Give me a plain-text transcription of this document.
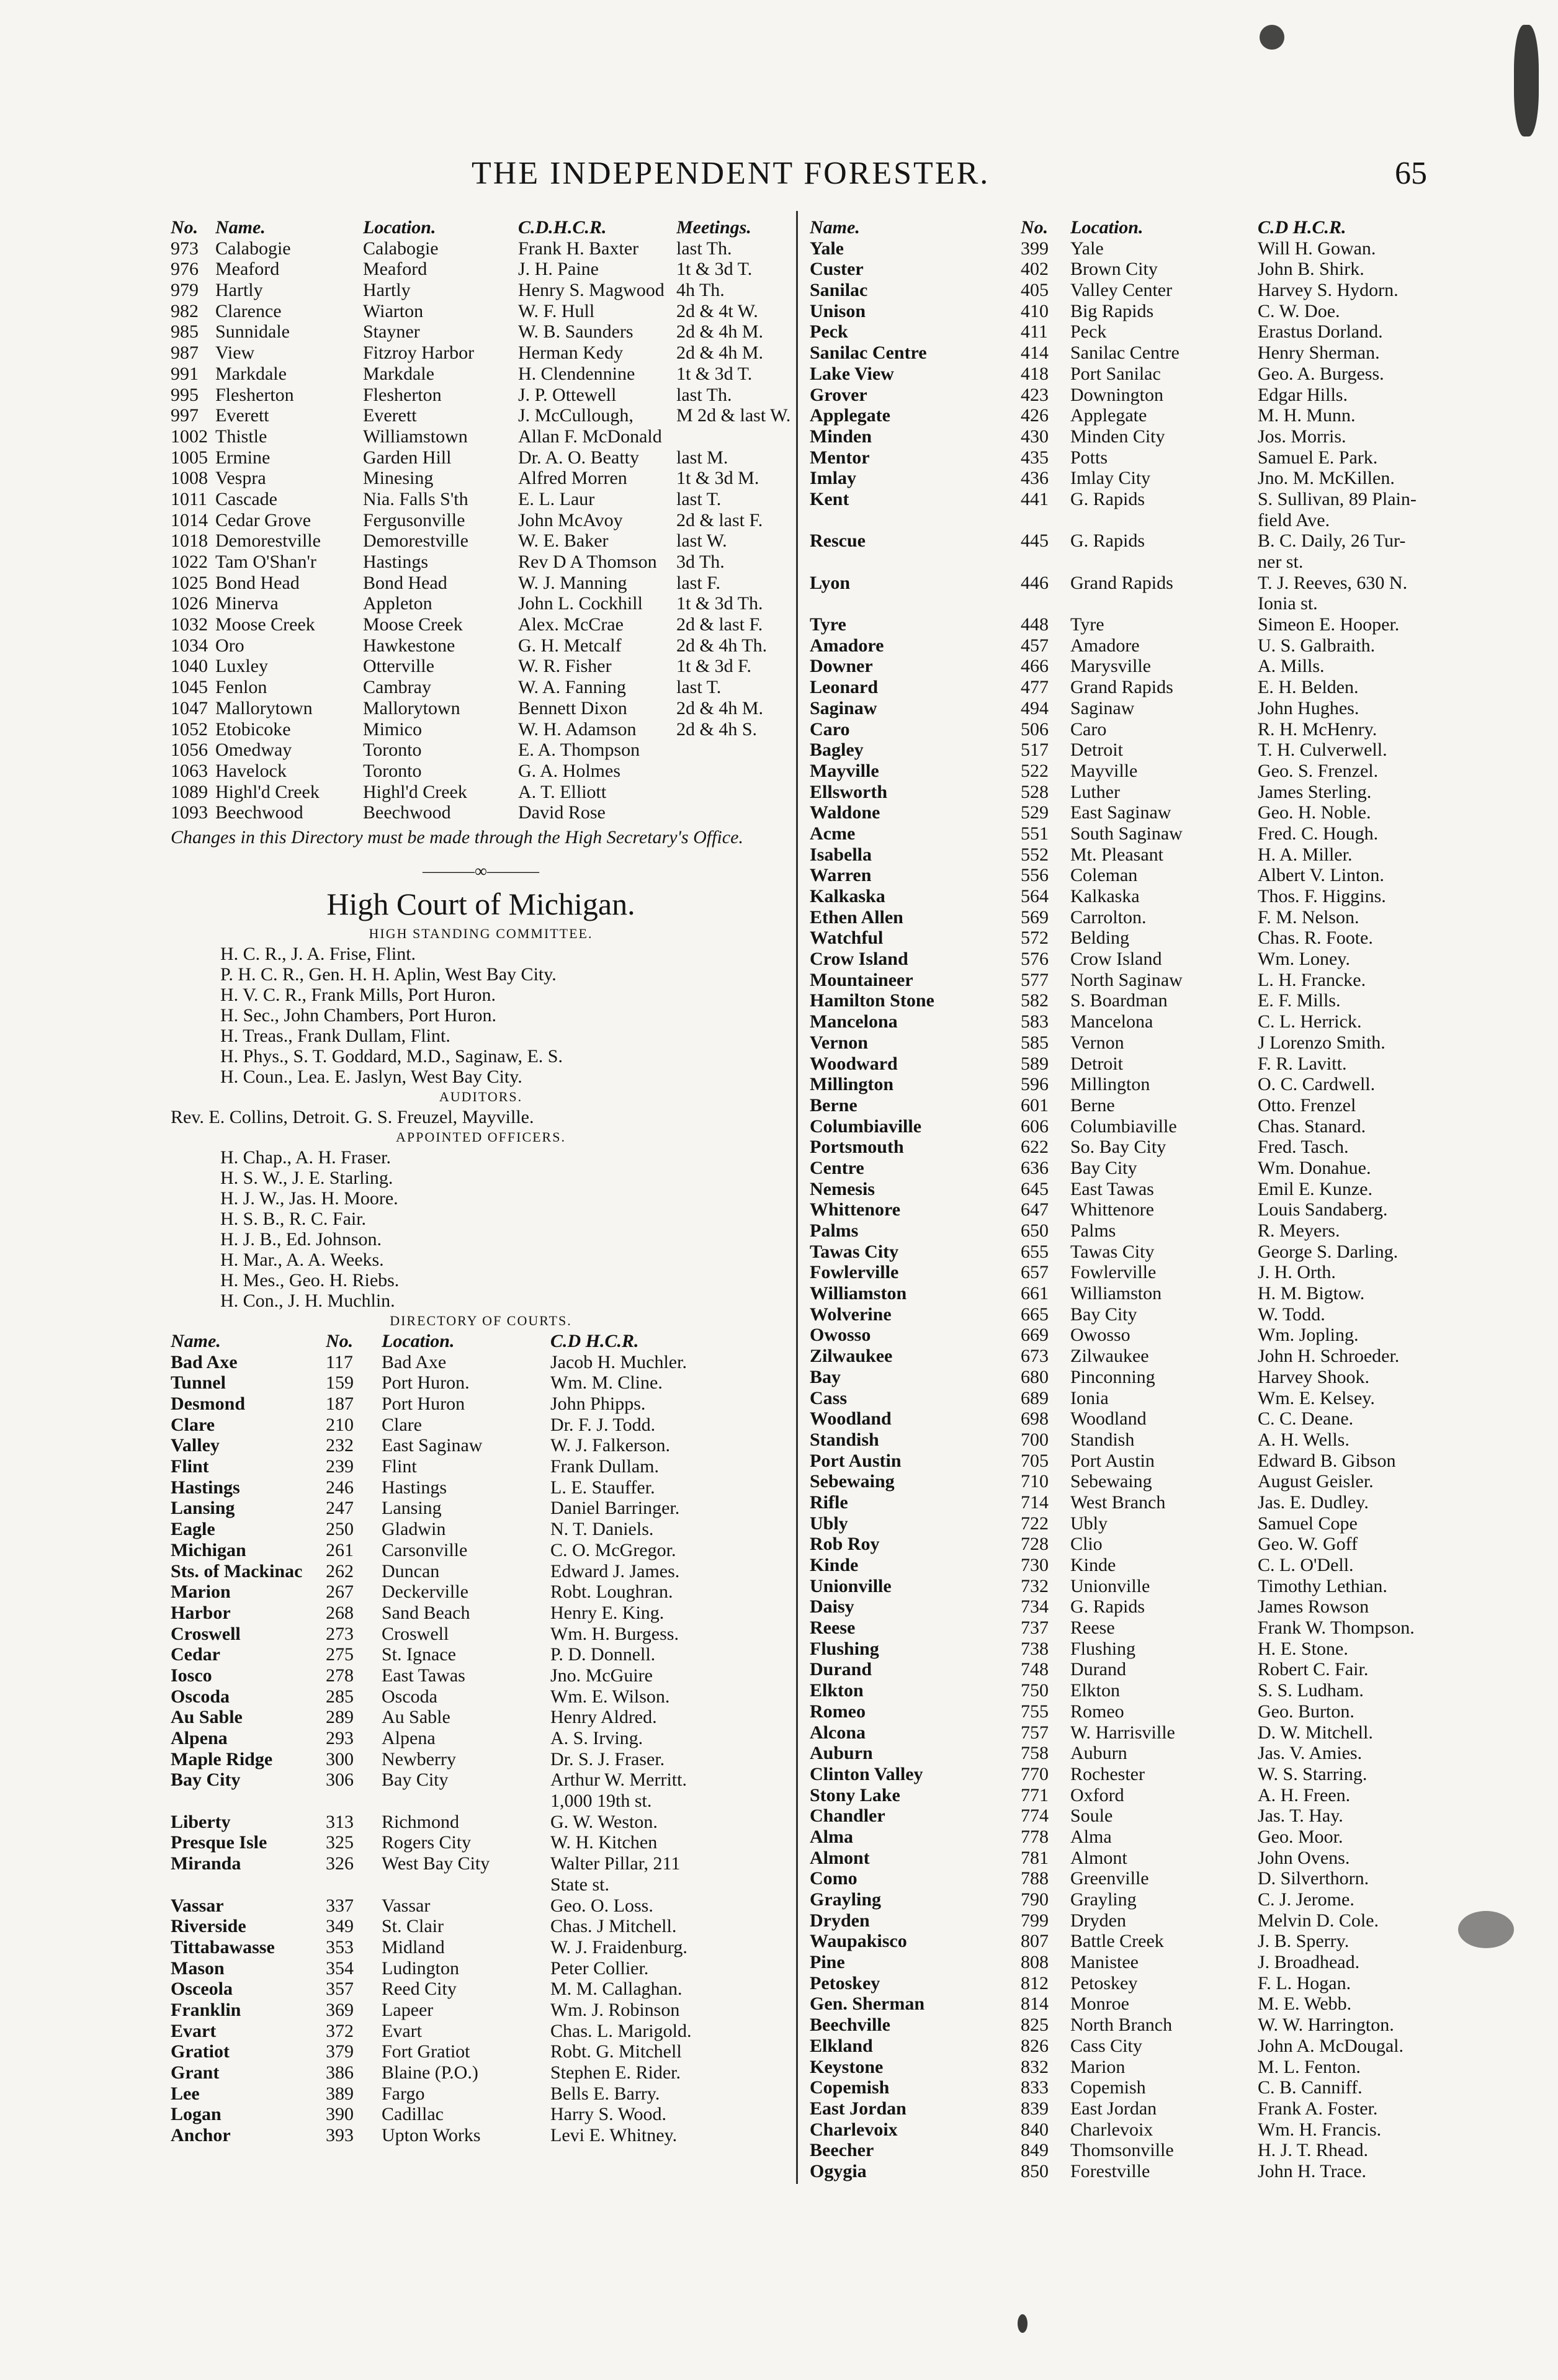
THE INDEPENDENT FORESTER.	65
No. Name.	Location.	C.D.H.C.R.	Meetings.
973 Calabogie	Calabogie	Frank H. Baxter	last Th.
976 Meaford	Meaford	J. H. Paine	1t & 3d T.
979 Hartly	Hartly	Henry S. Magwood 4h Th.
982 Clarence	Wiarton	W. F. Hull	2d & 4t W.
985 Sunnidale	Stayner	W. B. Saunders	2d & 4h M.
987 View	Fitzroy Harbor	Herman Kedy	2d & 4h M.
991 Markdale	Markdale	H. Clendennine	1t & 3d T.
995 Flesherton	Flesherton	J. P. Ottewell	last Th.
997 Everett	Everett	J. McCullough,	M 2d & last W.
1002 Thistle	Williamstown	Allan F. McDonald
1005 Ermine	Garden Hill	Dr. A. O. Beatty	last M.
1008 Vespra	Minesing	Alfred Morren	1t & 3d M.
1011 Cascade	Nia. Falls S'th	E. L. Laur	last T.
1014 Cedar Grove	Fergusonville	John McAvoy	2d & last F.
1018 Demorestville	Demorestville	W. E. Baker	last W.
1022 Tam O'Shan'r	Hastings	Rev D A Thomson	3d Th.
1025 Bond Head	Bond Head	W. J. Manning	last F.
1026 Minerva	Appleton	John L. Cockhill	1t & 3d Th.
1032 Moose Creek	Moose Creek	Alex. McCrae	2d & last F.
1034 Oro	Hawkestone	G. H. Metcalf	2d & 4h Th.
1040 Luxley	Otterville	W. R. Fisher	1t & 3d F.
1045 Fenlon	Cambray	W. A. Fanning	last T.
1047 Mallorytown	Mallorytown	Bennett Dixon	2d & 4h M.
1052 Etobicoke	Mimico	W. H. Adamson	2d & 4h S.
1056 Omedway	Toronto	E. A. Thompson
1063 Havelock	Toronto	G. A. Holmes
1089 Highl'd Creek	Highl'd Creek	A. T. Elliott
1093 Beechwood	Beechwood	David Rose
Changes in this Directory must be made through the High Secretary's Office.
———∞———
High Court of Michigan.
HIGH STANDING COMMITTEE.
H. C. R., J. A. Frise, Flint.
P. H. C. R., Gen. H. H. Aplin, West Bay City.
H. V. C. R., Frank Mills, Port Huron.
H. Sec., John Chambers, Port Huron.
H. Treas., Frank Dullam, Flint.
H. Phys., S. T. Goddard, M.D., Saginaw, E. S.
H. Coun., Lea. E. Jaslyn, West Bay City.
AUDITORS.
Rev. E. Collins, Detroit. G. S. Freuzel, Mayville.
APPOINTED OFFICERS.
H. Chap., A. H. Fraser.
H. S. W., J. E. Starling.
H. J. W., Jas. H. Moore.
H. S. B., R. C. Fair.
H. J. B., Ed. Johnson.
H. Mar., A. A. Weeks.
H. Mes., Geo. H. Riebs.
H. Con., J. H. Muchlin.
DIRECTORY OF COURTS.
Name.	No.	Location.	C.D H.C.R.
Bad Axe	117	Bad Axe	Jacob H. Muchler.
Tunnel	159	Port Huron.	Wm. M. Cline.
Desmond	187	Port Huron	John Phipps.
Clare	210	Clare	Dr. F. J. Todd.
Valley	232	East Saginaw	W. J. Falkerson.
Flint	239	Flint	Frank Dullam.
Hastings	246	Hastings	L. E. Stauffer.
Lansing	247	Lansing	Daniel Barringer.
Eagle	250	Gladwin	N. T. Daniels.
Michigan	261	Carsonville	C. O. McGregor.
Sts. of Mackinac	262	Duncan	Edward J. James.
Marion	267	Deckerville	Robt. Loughran.
Harbor	268	Sand Beach	Henry E. King.
Croswell	273	Croswell	Wm. H. Burgess.
Cedar	275	St. Ignace	P. D. Donnell.
Iosco	278	East Tawas	Jno. McGuire
Oscoda	285	Oscoda	Wm. E. Wilson.
Au Sable	289	Au Sable	Henry Aldred.
Alpena	293	Alpena	A. S. Irving.
Maple Ridge	300	Newberry	Dr. S. J. Fraser.
Bay City	306	Bay City	Arthur W. Merritt.
1,000 19th st.
Liberty	313	Richmond	G. W. Weston.
Presque Isle	325	Rogers City	W. H. Kitchen
Miranda	326	West Bay City	Walter Pillar, 211
State st.
Vassar	337	Vassar	Geo. O. Loss.
Riverside	349	St. Clair	Chas. J Mitchell.
Tittabawasse	353	Midland	W. J. Fraidenburg.
Mason	354	Ludington	Peter Collier.
Osceola	357	Reed City	M. M. Callaghan.
Franklin	369	Lapeer	Wm. J. Robinson
Evart	372	Evart	Chas. L. Marigold.
Gratiot	379	Fort Gratiot	Robt. G. Mitchell
Grant	386	Blaine (P.O.)	Stephen E. Rider.
Lee	389	Fargo	Bells E. Barry.
Logan	390	Cadillac	Harry S. Wood.
Anchor	393	Upton Works	Levi E. Whitney.
Name.	No.	Location.	C.D H.C.R.
Yale	399	Yale	Will H. Gowan.
Custer	402	Brown City	John B. Shirk.
Sanilac	405	Valley Center	Harvey S. Hydorn.
Unison	410	Big Rapids	C. W. Doe.
Peck	411	Peck	Erastus Dorland.
Sanilac Centre	414	Sanilac Centre	Henry Sherman.
Lake View	418	Port Sanilac	Geo. A. Burgess.
Grover	423	Downington	Edgar Hills.
Applegate	426	Applegate	M. H. Munn.
Minden	430	Minden City	Jos. Morris.
Mentor	435	Potts	Samuel E. Park.
Imlay	436	Imlay City	Jno. M. McKillen.
Kent	441	G. Rapids	S. Sullivan, 89 Plain-
field Ave.
Rescue	445	G. Rapids	B. C. Daily, 26 Tur-
ner st.
Lyon	446	Grand Rapids	T. J. Reeves, 630 N.
Ionia st.
Tyre	448	Tyre	Simeon E. Hooper.
Amadore	457	Amadore	U. S. Galbraith.
Downer	466	Marysville	A. Mills.
Leonard	477	Grand Rapids	E. H. Belden.
Saginaw	494	Saginaw	John Hughes.
Caro	506	Caro	R. H. McHenry.
Bagley	517	Detroit	T. H. Culverwell.
Mayville	522	Mayville	Geo. S. Frenzel.
Ellsworth	528	Luther	James Sterling.
Waldone	529	East Saginaw	Geo. H. Noble.
Acme	551	South Saginaw	Fred. C. Hough.
Isabella	552	Mt. Pleasant	H. A. Miller.
Warren	556	Coleman	Albert V. Linton.
Kalkaska	564	Kalkaska	Thos. F. Higgins.
Ethen Allen	569	Carrolton.	F. M. Nelson.
Watchful	572	Belding	Chas. R. Foote.
Crow Island	576	Crow Island	Wm. Loney.
Mountaineer	577	North Saginaw	L. H. Francke.
Hamilton Stone	582	S. Boardman	E. F. Mills.
Mancelona	583	Mancelona	C. L. Herrick.
Vernon	585	Vernon	J Lorenzo Smith.
Woodward	589	Detroit	F. R. Lavitt.
Millington	596	Millington	O. C. Cardwell.
Berne	601	Berne	Otto. Frenzel
Columbiaville	606	Columbiaville	Chas. Stanard.
Portsmouth	622	So. Bay City	Fred. Tasch.
Centre	636	Bay City	Wm. Donahue.
Nemesis	645	East Tawas	Emil E. Kunze.
Whittenore	647	Whittenore	Louis Sandaberg.
Palms	650	Palms	R. Meyers.
Tawas City	655	Tawas City	George S. Darling.
Fowlerville	657	Fowlerville	J. H. Orth.
Williamston	661	Williamston	H. M. Bigtow.
Wolverine	665	Bay City	W. Todd.
Owosso	669	Owosso	Wm. Jopling.
Zilwaukee	673	Zilwaukee	John H. Schroeder.
Bay	680	Pinconning	Harvey Shook.
Cass	689	Ionia	Wm. E. Kelsey.
Woodland	698	Woodland	C. C. Deane.
Standish	700	Standish	A. H. Wells.
Port Austin	705	Port Austin	Edward B. Gibson
Sebewaing	710	Sebewaing	August Geisler.
Rifle	714	West Branch	Jas. E. Dudley.
Ubly	722	Ubly	Samuel Cope
Rob Roy	728	Clio	Geo. W. Goff
Kinde	730	Kinde	C. L. O'Dell.
Unionville	732	Unionville	Timothy Lethian.
Daisy	734	G. Rapids	James Rowson
Reese	737	Reese	Frank W. Thompson.
Flushing	738	Flushing	H. E. Stone.
Durand	748	Durand	Robert C. Fair.
Elkton	750	Elkton	S. S. Ludham.
Romeo	755	Romeo	Geo. Burton.
Alcona	757	W. Harrisville	D. W. Mitchell.
Auburn	758	Auburn	Jas. V. Amies.
Clinton Valley	770	Rochester	W. S. Starring.
Stony Lake	771	Oxford	A. H. Freen.
Chandler	774	Soule	Jas. T. Hay.
Alma	778	Alma	Geo. Moor.
Almont	781	Almont	John Ovens.
Como	788	Greenville	D. Silverthorn.
Grayling	790	Grayling	C. J. Jerome.
Dryden	799	Dryden	Melvin D. Cole.
Waupakisco	807	Battle Creek	J. B. Sperry.
Pine	808	Manistee	J. Broadhead.
Petoskey	812	Petoskey	F. L. Hogan.
Gen. Sherman	814	Monroe	M. E. Webb.
Beechville	825	North Branch	W. W. Harrington.
Elkland	826	Cass City	John A. McDougal.
Keystone	832	Marion	M. L. Fenton.
Copemish	833	Copemish	C. B. Canniff.
East Jordan	839	East Jordan	Frank A. Foster.
Charlevoix	840	Charlevoix	Wm. H. Francis.
Beecher	849	Thomsonville	H. J. T. Rhead.
Ogygia	850	Forestville	John H. Trace.
